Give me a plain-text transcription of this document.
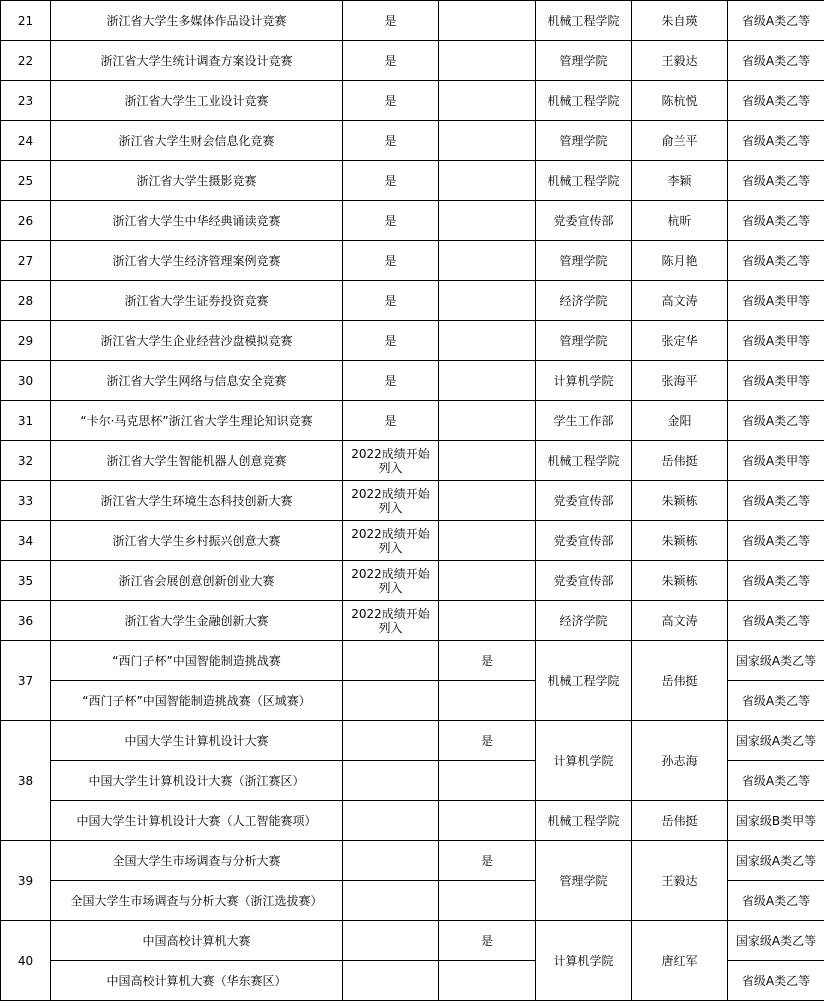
21	浙江省大学生多媒体作品设计竞赛	是		机械工程学院	朱自瑛	省级A类乙等
22	浙江省大学生统计调查方案设计竞赛	是		管理学院	王毅达	省级A类乙等
23	浙江省大学生工业设计竞赛	是		机械工程学院	陈杭悦	省级A类乙等
24	浙江省大学生财会信息化竞赛	是		管理学院	俞兰平	省级A类乙等
25	浙江省大学生摄影竞赛	是		机械工程学院	李颖	省级A类乙等
26	浙江省大学生中华经典诵读竞赛	是		党委宣传部	杭昕	省级A类乙等
27	浙江省大学生经济管理案例竞赛	是		管理学院	陈月艳	省级A类乙等
28	浙江省大学生证券投资竞赛	是		经济学院	高文涛	省级A类甲等
29	浙江省大学生企业经营沙盘模拟竞赛	是		管理学院	张定华	省级A类甲等
30	浙江省大学生网络与信息安全竞赛	是		计算机学院	张海平	省级A类甲等
31	“卡尔·马克思杯”浙江省大学生理论知识竞赛	是		学生工作部	金阳	省级A类乙等
32	浙江省大学生智能机器人创意竞赛	2022成绩开始列入		机械工程学院	岳伟挺	省级A类甲等
33	浙江省大学生环境生态科技创新大赛	2022成绩开始列入		党委宣传部	朱颖栋	省级A类乙等
34	浙江省大学生乡村振兴创意大赛	2022成绩开始列入		党委宣传部	朱颖栋	省级A类乙等
35	浙江省会展创意创新创业大赛	2022成绩开始列入		党委宣传部	朱颖栋	省级A类乙等
36	浙江省大学生金融创新大赛	2022成绩开始列入		经济学院	高文涛	省级A类乙等
37	“西门子杯”中国智能制造挑战赛		是	机械工程学院	岳伟挺	国家级A类乙等
	“西门子杯”中国智能制造挑战赛（区域赛）					省级A类乙等
38	中国大学生计算机设计大赛		是	计算机学院	孙志海	国家级A类乙等
	中国大学生计算机设计大赛（浙江赛区）					省级A类乙等
	中国大学生计算机设计大赛（人工智能赛项）			机械工程学院	岳伟挺	国家级B类甲等
39	全国大学生市场调查与分析大赛		是	管理学院	王毅达	国家级A类乙等
	全国大学生市场调查与分析大赛（浙江选拔赛）					省级A类乙等
40	中国高校计算机大赛		是	计算机学院	唐红军	国家级A类乙等
	中国高校计算机大赛（华东赛区）					省级A类乙等
